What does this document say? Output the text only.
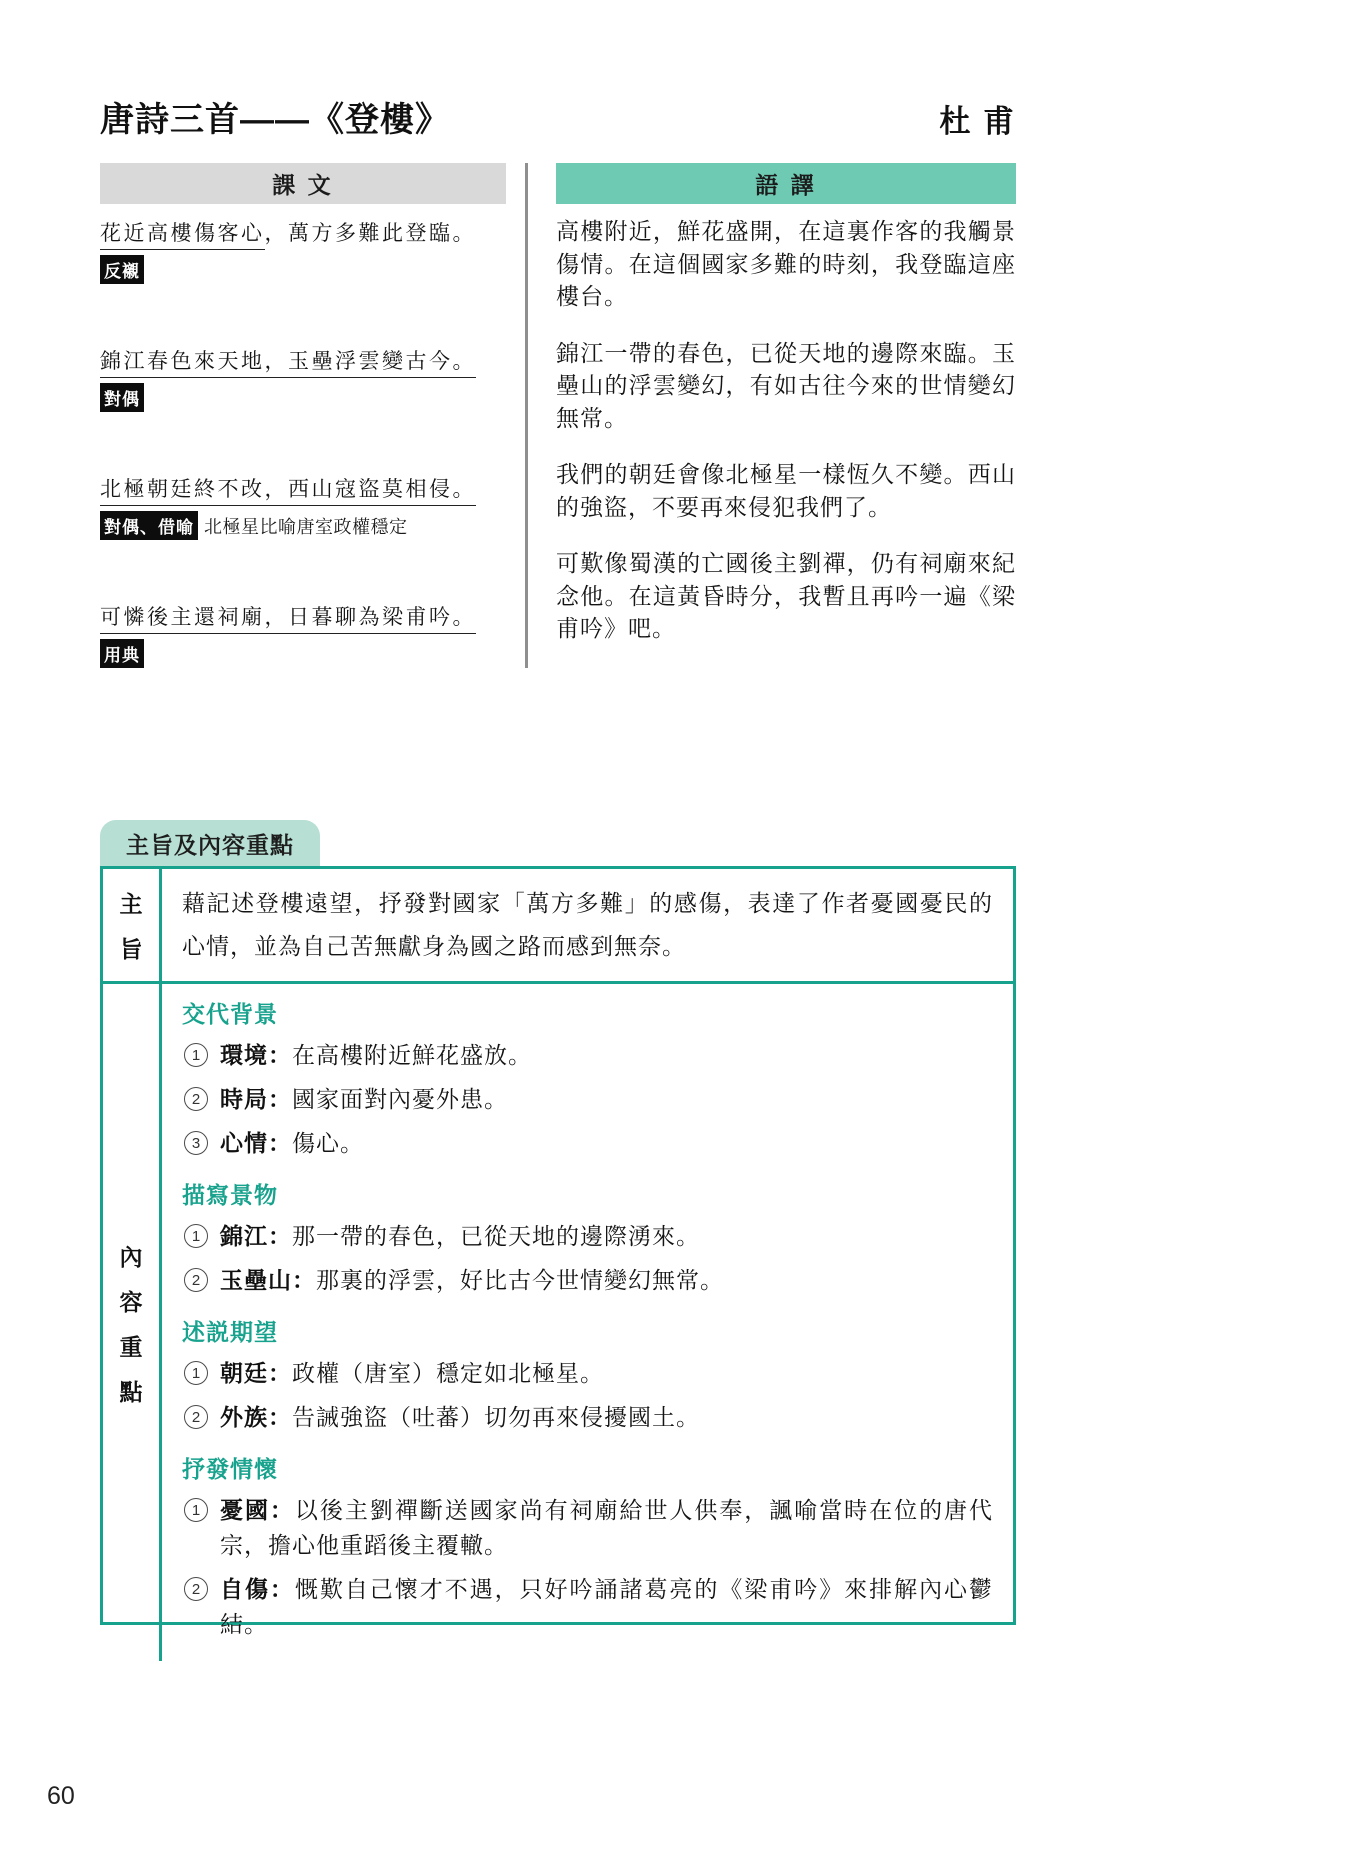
唐詩三首——《登樓》	杜 甫
課 文

花近高樓傷客心，萬方多難此登臨。

反襯

錦江春色來天地，玉壘浮雲變古今。

對偶

北極朝廷終不改，西山寇盜莫相侵。

對偶、借喻 北極星比喻唐室政權穩定

可憐後主還祠廟，日暮聊為梁甫吟。

用典
語 譯

高樓附近，鮮花盛開，在這裏作客的我觸景傷情。在這個國家多難的時刻，我登臨這座樓台。

錦江一帶的春色，已從天地的邊際來臨。玉壘山的浮雲變幻，有如古往今來的世情變幻無常。

我們的朝廷會像北極星一樣恆久不變。西山的強盜，不要再來侵犯我們了。

可歎像蜀漢的亡國後主劉禪，仍有祠廟來紀念他。在這黃昏時分，我暫且再吟一遍《梁甫吟》吧。

主旨及內容重點
主
旨
藉記述登樓遠望，抒發對國家「萬方多難」的感傷，表達了作者憂國憂民的心情，並為自己苦無獻身為國之路而感到無奈。
內
容
重
點
交代背景
1 環境：在高樓附近鮮花盛放。
2 時局：國家面對內憂外患。
3 心情：傷心。
描寫景物
1 錦江：那一帶的春色，已從天地的邊際湧來。
2 玉壘山：那裏的浮雲，好比古今世情變幻無常。
述説期望
1 朝廷：政權（唐室）穩定如北極星。
2 外族：告誡強盜（吐蕃）切勿再來侵擾國土。
抒發情懷
1 憂國：以後主劉禪斷送國家尚有祠廟給世人供奉，諷喻當時在位的唐代宗，擔心他重蹈後主覆轍。
2 自傷：慨歎自己懷才不遇，只好吟誦諸葛亮的《梁甫吟》來排解內心鬱結。
60
